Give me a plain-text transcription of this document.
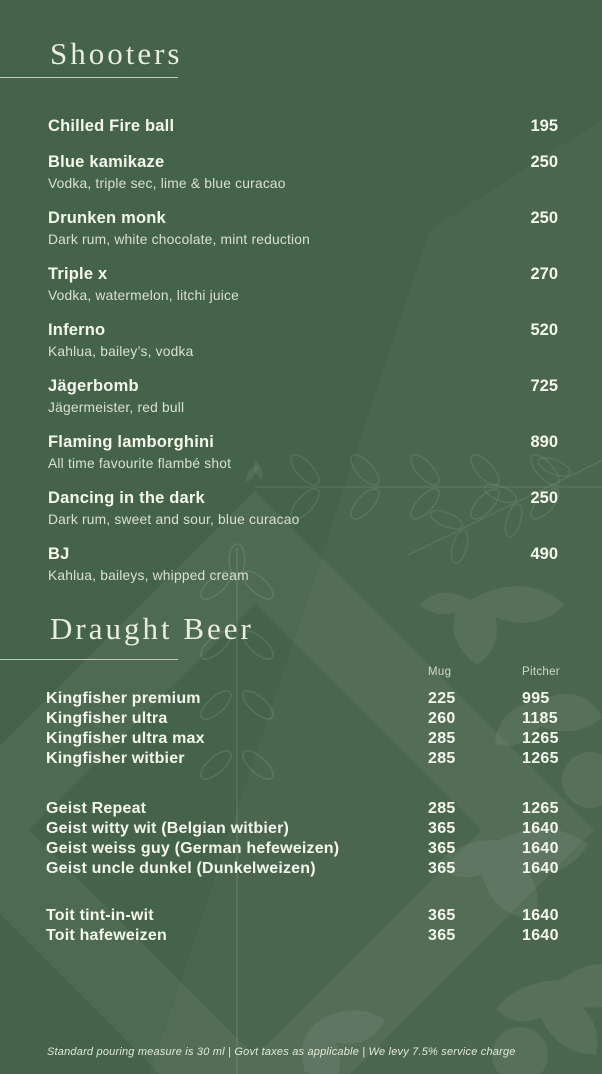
Shooters
Chilled Fire ball	195
Blue kamikaze	250
Vodka, triple sec, lime & blue curacao
Drunken monk	250
Dark rum, white chocolate, mint reduction
Triple x	270
Vodka, watermelon, litchi juice
Inferno	520
Kahlua, bailey’s, vodka
Jägerbomb	725
Jägermeister, red bull
Flaming lamborghini	890
All time favourite flambé shot
Dancing in the dark	250
Dark rum, sweet and sour, blue curacao
BJ	490
Kahlua, baileys, whipped cream
Draught Beer
Mug	Pitcher
Kingfisher premium	225	995
Kingfisher ultra	260	1185
Kingfisher ultra max	285	1265
Kingfisher witbier	285	1265
Geist Repeat	285	1265
Geist witty wit (Belgian witbier)	365	1640
Geist weiss guy (German hefeweizen)	365	1640
Geist uncle dunkel (Dunkelweizen)	365	1640
Toit tint-in-wit	365	1640
Toit hafeweizen	365	1640
Standard pouring measure is 30 ml | Govt taxes as applicable | We levy 7.5% service charge
